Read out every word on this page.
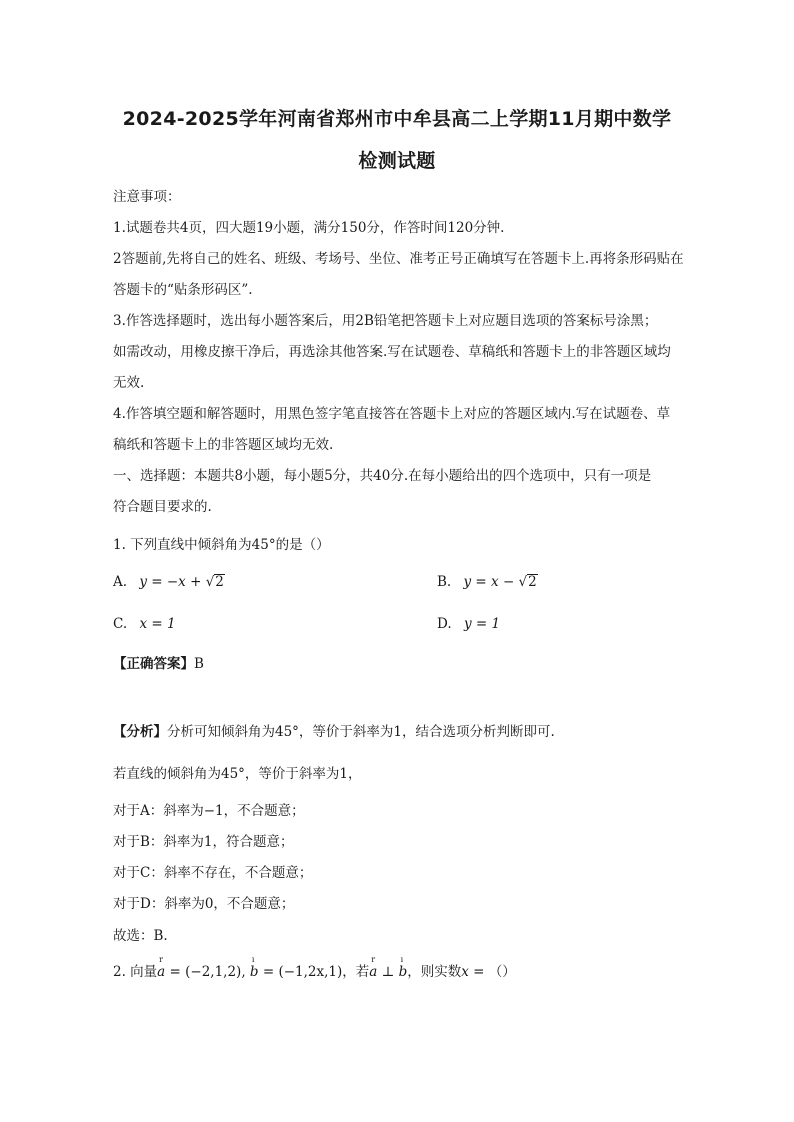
2024-2025学年河南省郑州市中牟县高二上学期11月期中数学
检测试题
注意事项：
1.试题卷共4页，四大题19小题，满分150分，作答时间120分钟.
2答题前,先将自己的姓名、班级、考场号、坐位、准考正号正确填写在答题卡上.再将条形码贴在
答题卡的“贴条形码区”.
3.作答选择题时，选出每小题答案后，用2B铅笔把答题卡上对应题目选项的答案标号涂黑；
如需改动，用橡皮擦干净后，再选涂其他答案.写在试题卷、草稿纸和答题卡上的非答题区域均
无效.
4.作答填空题和解答题时，用黑色签字笔直接答在答题卡上对应的答题区域内.写在试题卷、草
稿纸和答题卡上的非答题区域均无效.
一、选择题：本题共8小题，每小题5分，共40分.在每小题给出的四个选项中，只有一项是
符合题目要求的.
1. 下列直线中倾斜角为45°的是（）
A. y = −x + √2	B. y = x − √2
C. x = 1	D. y = 1
【正确答案】B
【分析】分析可知倾斜角为45°，等价于斜率为1，结合选项分析判断即可.
若直线的倾斜角为45°，等价于斜率为1，
对于A：斜率为−1，不合题意；
对于B：斜率为1，符合题意；
对于C：斜率不存在，不合题意；
对于D：斜率为0，不合题意；
故选：B.
2. 向量
r
a = (−2,1,2),
ı
b = (−1,2x,1)，若
r
a ⊥
ı
b，则实数x = （）
